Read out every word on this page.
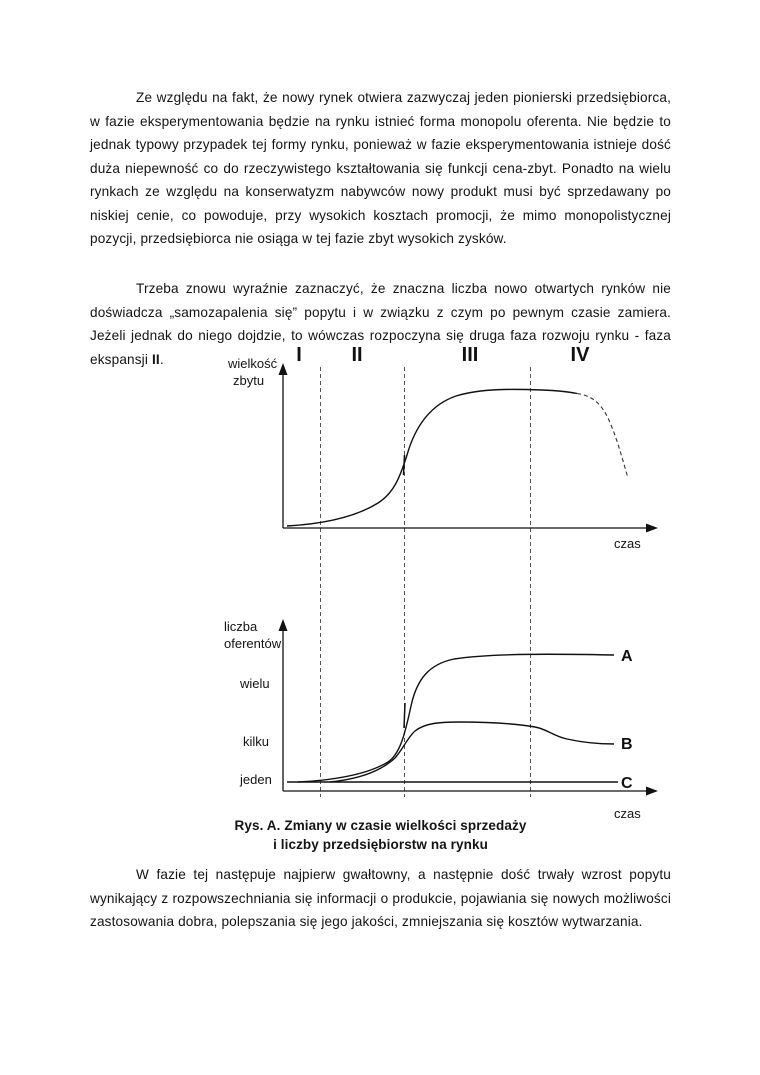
Ze względu na fakt, że nowy rynek otwiera zazwyczaj jeden pionierski przedsiębiorca, w fazie eksperymentowania będzie na rynku istnieć forma monopolu oferenta. Nie będzie to jednak typowy przypadek tej formy rynku, ponieważ w fazie eksperymentowania istnieje dość duża niepewność co do rzeczywistego kształtowania się funkcji cena-zbyt. Ponadto na wielu rynkach ze względu na konserwatyzm nabywców nowy produkt musi być sprzedawany po niskiej cenie, co powoduje, przy wysokich kosztach promocji, że mimo monopolistycznej pozycji, przedsiębiorca nie osiąga w tej fazie zbyt wysokich zysków.

Trzeba znowu wyraźnie zaznaczyć, że znaczna liczba nowo otwartych rynków nie doświadcza „samozapalenia się” popytu i w związku z czym po pewnym czasie zamiera. Jeżeli jednak do niego dojdzie, to wówczas rozpoczyna się druga faza rozwoju rynku - faza ekspansji II.	I II	III	IV
wielkość
zbytu
czas
liczba
oferentów
wielu
kilku
jeden
A
B
C
czas
Rys. A. Zmiany w czasie wielkości sprzedaży
i liczby przedsiębiorstw na rynku

W fazie tej następuje najpierw gwałtowny, a następnie dość trwały wzrost popytu wynikający z rozpowszechniania się informacji o produkcie, pojawiania się nowych możliwości zastosowania dobra, polepszania się jego jakości, zmniejszania się kosztów wytwarzania.
